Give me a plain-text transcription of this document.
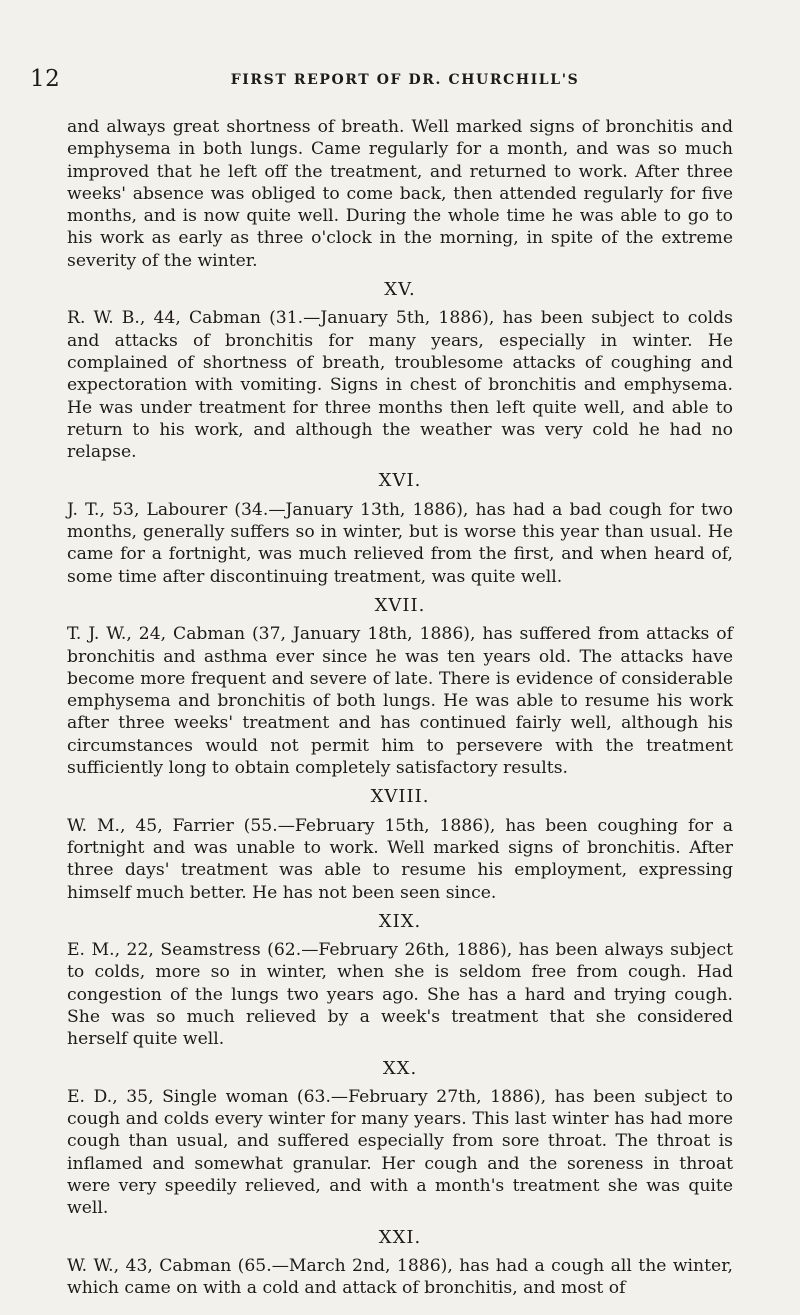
12	FIRST REPORT OF DR. CHURCHILL'S

and always great shortness of breath. Well marked signs of bronchitis and emphysema in both lungs. Came regularly for a month, and was so much improved that he left off the treatment, and returned to work. After three weeks' absence was obliged to come back, then attended regularly for five months, and is now quite well. During the whole time he was able to go to his work as early as three o'clock in the morning, in spite of the extreme severity of the winter.

XV.

R. W. B., 44, Cabman (31.—January 5th, 1886), has been subject to colds and attacks of bronchitis for many years, especially in winter. He complained of shortness of breath, troublesome attacks of coughing and expectoration with vomiting. Signs in chest of bronchitis and emphysema. He was under treatment for three months then left quite well, and able to return to his work, and although the weather was very cold he had no relapse.

XVI.

J. T., 53, Labourer (34.—January 13th, 1886), has had a bad cough for two months, generally suffers so in winter, but is worse this year than usual. He came for a fortnight, was much relieved from the first, and when heard of, some time after discontinuing treatment, was quite well.

XVII.

T. J. W., 24, Cabman (37, January 18th, 1886), has suffered from attacks of bronchitis and asthma ever since he was ten years old. The attacks have become more frequent and severe of late. There is evidence of considerable emphysema and bronchitis of both lungs. He was able to resume his work after three weeks' treatment and has continued fairly well, although his circumstances would not permit him to persevere with the treatment sufficiently long to obtain completely satisfactory results.

XVIII.

W. M., 45, Farrier (55.—February 15th, 1886), has been coughing for a fortnight and was unable to work. Well marked signs of bronchitis. After three days' treatment was able to resume his employment, expressing himself much better. He has not been seen since.

XIX.

E. M., 22, Seamstress (62.—February 26th, 1886), has been always subject to colds, more so in winter, when she is seldom free from cough. Had congestion of the lungs two years ago. She has a hard and trying cough. She was so much relieved by a week's treatment that she considered herself quite well.

XX.

E. D., 35, Single woman (63.—February 27th, 1886), has been subject to cough and colds every winter for many years. This last winter has had more cough than usual, and suffered especially from sore throat. The throat is inflamed and somewhat granular. Her cough and the soreness in throat were very speedily relieved, and with a month's treatment she was quite well.

XXI.

W. W., 43, Cabman (65.—March 2nd, 1886), has had a cough all the winter, which came on with a cold and attack of bronchitis, and most of
